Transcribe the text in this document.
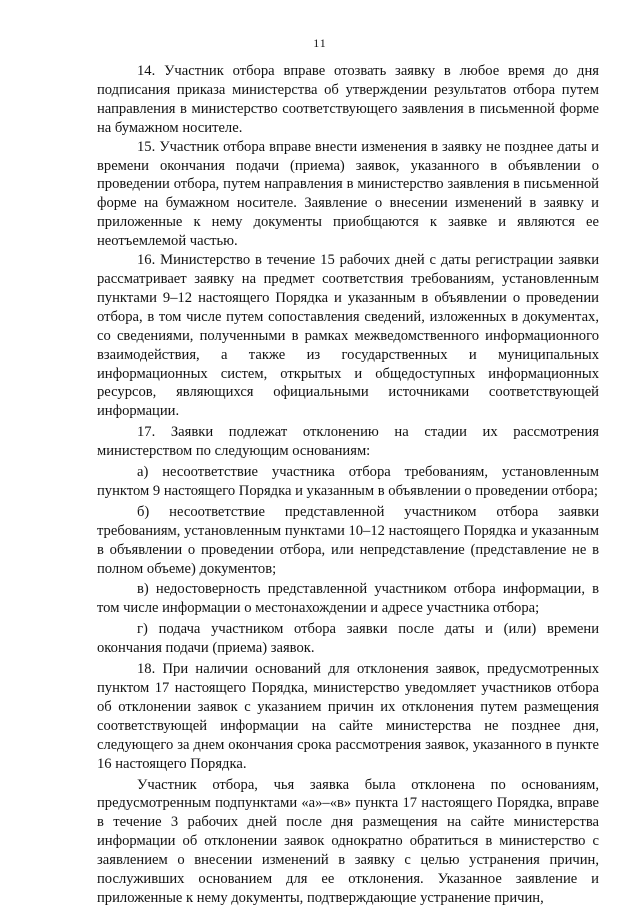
11

14. Участник отбора вправе отозвать заявку в любое время до дня подписания приказа министерства об утверждении результатов отбора путем направления в министерство соответствующего заявления в письменной форме на бумажном носителе.

15. Участник отбора вправе внести изменения в заявку не позднее даты и времени окончания подачи (приема) заявок, указанного в объявлении о проведении отбора, путем направления в министерство заявления в письменной форме на бумажном носителе. Заявление о внесении изменений в заявку и приложенные к нему документы приобщаются к заявке и являются ее неотъемлемой частью.

16. Министерство в течение 15 рабочих дней с даты регистрации заявки рассматривает заявку на предмет соответствия требованиям, установленным пунктами 9–12 настоящего Порядка и указанным в объявлении о проведении отбора, в том числе путем сопоставления сведений, изложенных в документах, со сведениями, полученными в рамках межведомственного информационного взаимодействия, а также из государственных и муниципальных информационных систем, открытых и общедоступных информационных ресурсов, являющихся официальными источниками соответствующей информации.

17. Заявки подлежат отклонению на стадии их рассмотрения министерством по следующим основаниям:

а) несоответствие участника отбора требованиям, установленным пунктом 9 настоящего Порядка и указанным в объявлении о проведении отбора;

б) несоответствие представленной участником отбора заявки требованиям, установленным пунктами 10–12 настоящего Порядка и указанным в объявлении о проведении отбора, или непредставление (представление не в полном объеме) документов;

в) недостоверность представленной участником отбора информации, в том числе информации о местонахождении и адресе участника отбора;

г) подача участником отбора заявки после даты и (или) времени окончания подачи (приема) заявок.

18. При наличии оснований для отклонения заявок, предусмотренных пунктом 17 настоящего Порядка, министерство уведомляет участников отбора об отклонении заявок с указанием причин их отклонения путем размещения соответствующей информации на сайте министерства не позднее дня, следующего за днем окончания срока рассмотрения заявок, указанного в пункте 16 настоящего Порядка.

Участник отбора, чья заявка была отклонена по основаниям, предусмотренным подпунктами «а»–«в» пункта 17 настоящего Порядка, вправе в течение 3 рабочих дней после дня размещения на сайте министерства информации об отклонении заявок однократно обратиться в министерство с заявлением о внесении изменений в заявку с целью устранения причин, послуживших основанием для ее отклонения. Указанное заявление и приложенные к нему документы, подтверждающие устранение причин,
